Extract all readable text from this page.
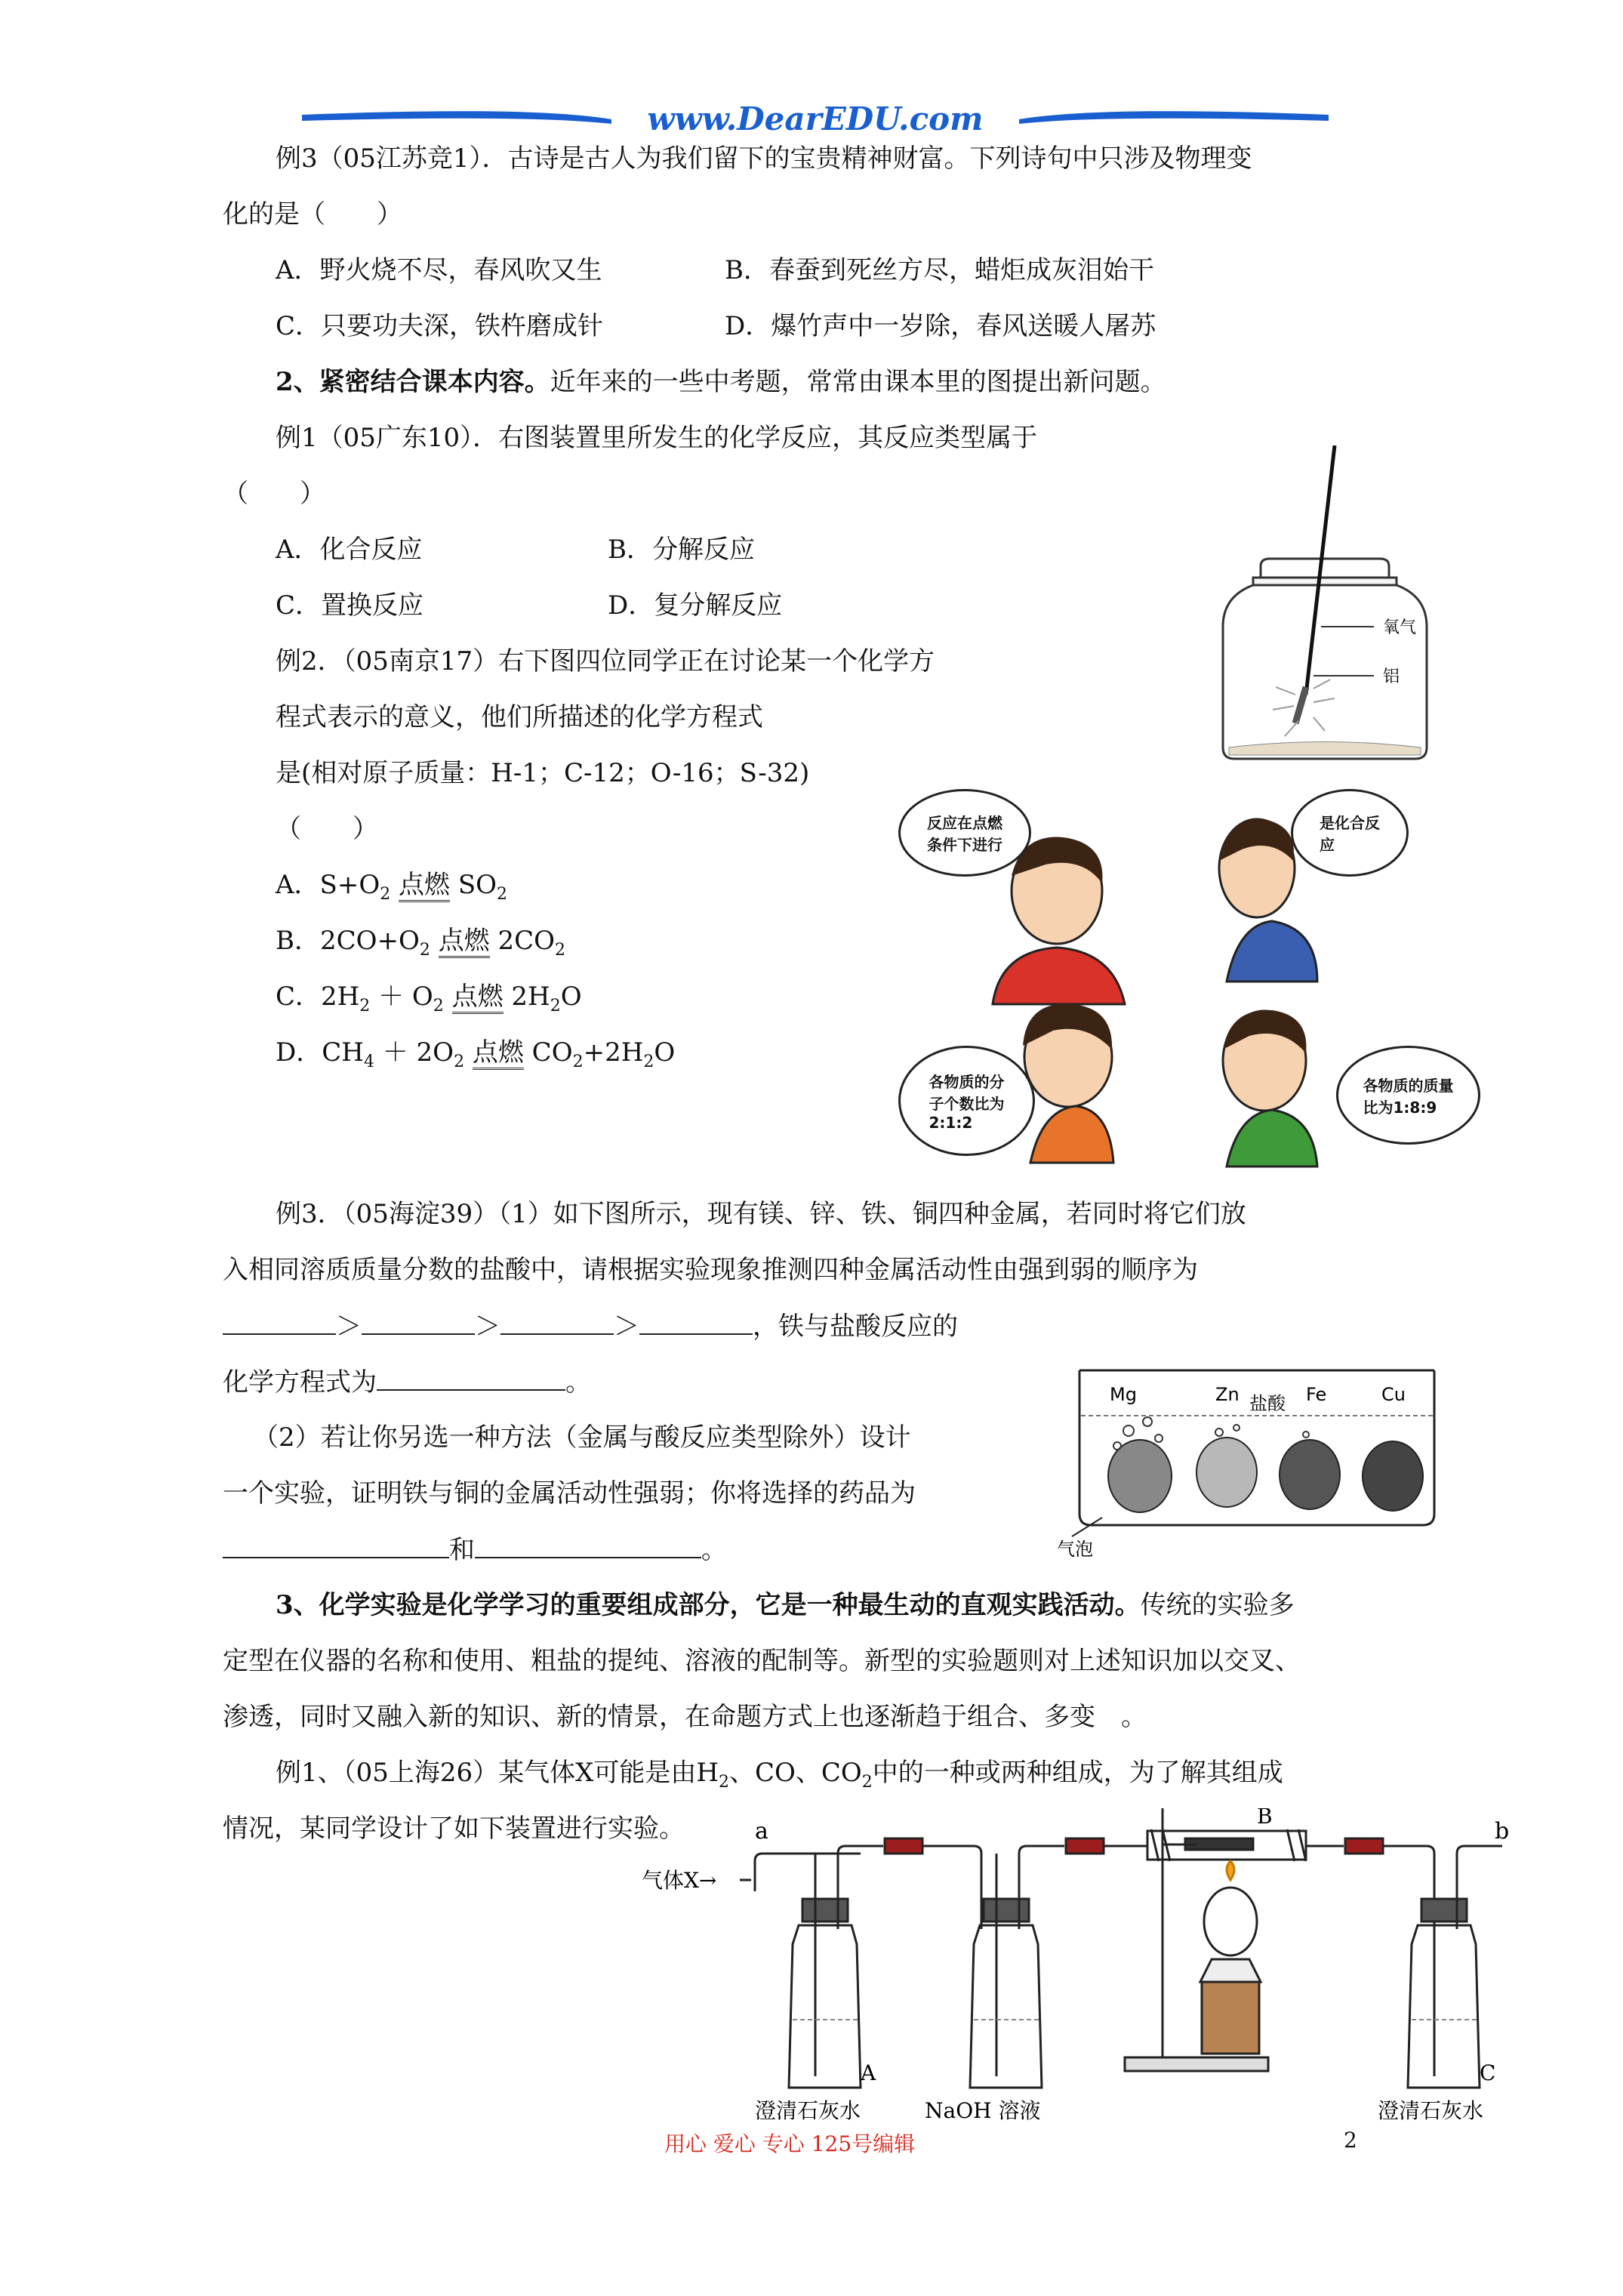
www.DearEDU.com
例3（05江苏竞1）．古诗是古人为我们留下的宝贵精神财富。下列诗句中只涉及物理变
化的是（　　）
A．野火烧不尽，春风吹又生	B．春蚕到死丝方尽，蜡炬成灰泪始干
C．只要功夫深，铁杵磨成针	D．爆竹声中一岁除，春风送暖人屠苏
2、紧密结合课本内容。近年来的一些中考题，常常由课本里的图提出新问题。
例1（05广东10）．右图装置里所发生的化学反应，其反应类型属于
（　　）
A．化合反应	B．分解反应
C．置换反应	D．复分解反应
氧气
铝
例2．（05南京17）右下图四位同学正在讨论某一个化学方
程式表示的意义，他们所描述的化学方程式
是(相对原子质量：H-1；C-12；O-16；S-32)
（　　）
A．$S+O_2$ 点燃 $SO_2$
B．$2CO+O_2$ 点燃 $2CO_2$
C．$2H_2 + O_2$ 点燃 $2H_2O$
D．$CH_4 + 2O_2$ 点燃 $CO_2+2H_2O$
反应在点燃
条件下进行
是化合反
应
各物质的分
子个数比为
2:1:2
各物质的质量
比为1:8:9
例3．（05海淀39）（1）如下图所示，现有镁、锌、铁、铜四种金属，若同时将它们放
入相同溶质质量分数的盐酸中，请根据实验现象推测四种金属活动性由强到弱的顺序为
＞	＞	＞	，铁与盐酸反应的
化学方程式为	。
（2）若让你另选一种方法（金属与酸反应类型除外）设计
一个实验，证明铁与铜的金属活动性强弱；你将选择的药品为
和	。
Mg	Zn 盐酸 Fe	Cu
气泡
3、化学实验是化学学习的重要组成部分，它是一种最生动的直观实践活动。传统的实验多
定型在仪器的名称和使用、粗盐的提纯、溶液的配制等。新型的实验题则对上述知识加以交叉、
渗透，同时又融入新的知识、新的情景，在命题方式上也逐渐趋于组合、多变　。
例1、（05上海26）某气体X可能是由$H_2$、CO、$CO_2$中的一种或两种组成，为了解其组成
情况，某同学设计了如下装置进行实验。
气体X→
a	b
B
A	C
澄清石灰水	NaOH 溶液	澄清石灰水
用心 爱心 专心 125号编辑	2
